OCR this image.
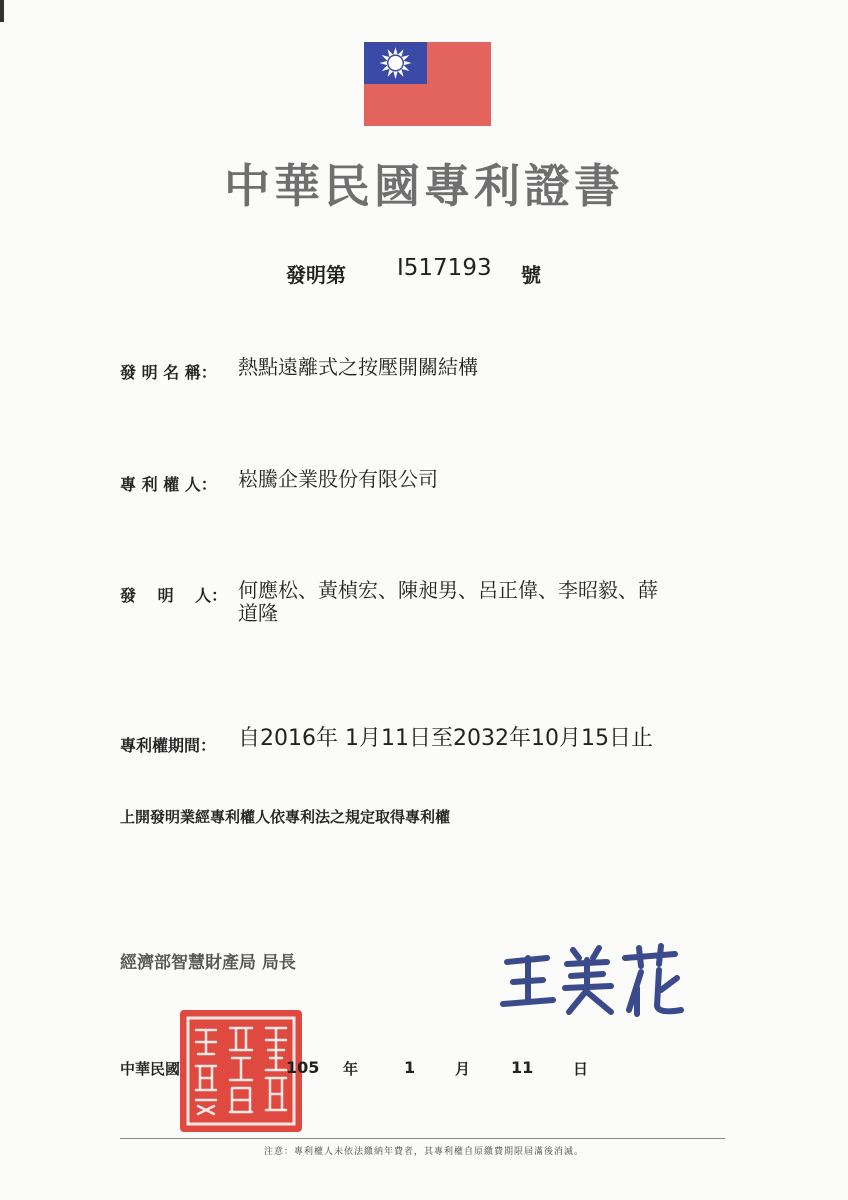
中華民國專利證書
發明第 I517193 號
發 明 名 稱： 熱點遠離式之按壓開關結構
專 利 權 人： 崧騰企業股份有限公司
發　 明 　人： 何應松、黃楨宏、陳昶男、呂正偉、李昭毅、薛
道隆
專利權期間： 自2016年 1月11日至2032年10月15日止
上開發明業經專利權人依專利法之規定取得專利權
經濟部智慧財產局 局長
中華民國	105 年	1	月	11	日
注意：專利權人未依法繳納年費者，其專利權自原繳費期限屆滿後消滅。
